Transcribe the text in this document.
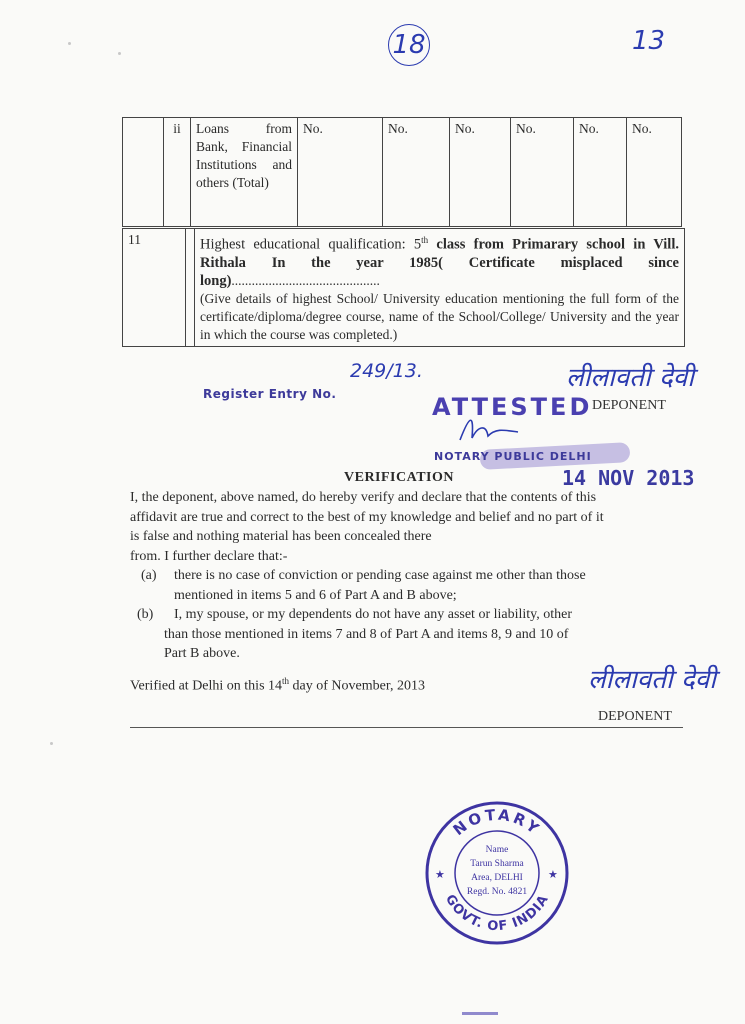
18	13
	ii	Loans from Bank, Financial Institutions and others (Total)	No.	No.	No.	No.	No.	No.
11		Highest educational qualification: 5th class from Primarary school in Vill. Rithala In the year 1985( Certificate misplaced since long)............................................
(Give details of highest School/ University education mentioning the full form of the certificate/diploma/degree course, name of the School/College/ University and the year in which the course was completed.)
Register Entry No.
249/13.	लीलावती देवी
ATTESTED DEPONENT
NOTARY PUBLIC DELHI
14 NOV 2013
VERIFICATION
I, the deponent, above named, do hereby verify and declare that the contents of this
affidavit are true and correct to the best of my knowledge and belief and no part of it
is false and nothing material has been concealed there
from. I further declare that:-
(a) there is no case of conviction or pending case against me other than those
mentioned in items 5 and 6 of Part A and B above;
(b) I, my spouse, or my dependents do not have any asset or liability, other
than those mentioned in items 7 and 8 of Part A and items 8, 9 and 10 of
Part B above.
Verified at Delhi on this 14th day of November, 2013	लीलावती देवी
DEPONENT
NOTARY
GOVT. OF INDIA
★	★
Name
Tarun Sharma
Area, DELHI
Regd. No. 4821
